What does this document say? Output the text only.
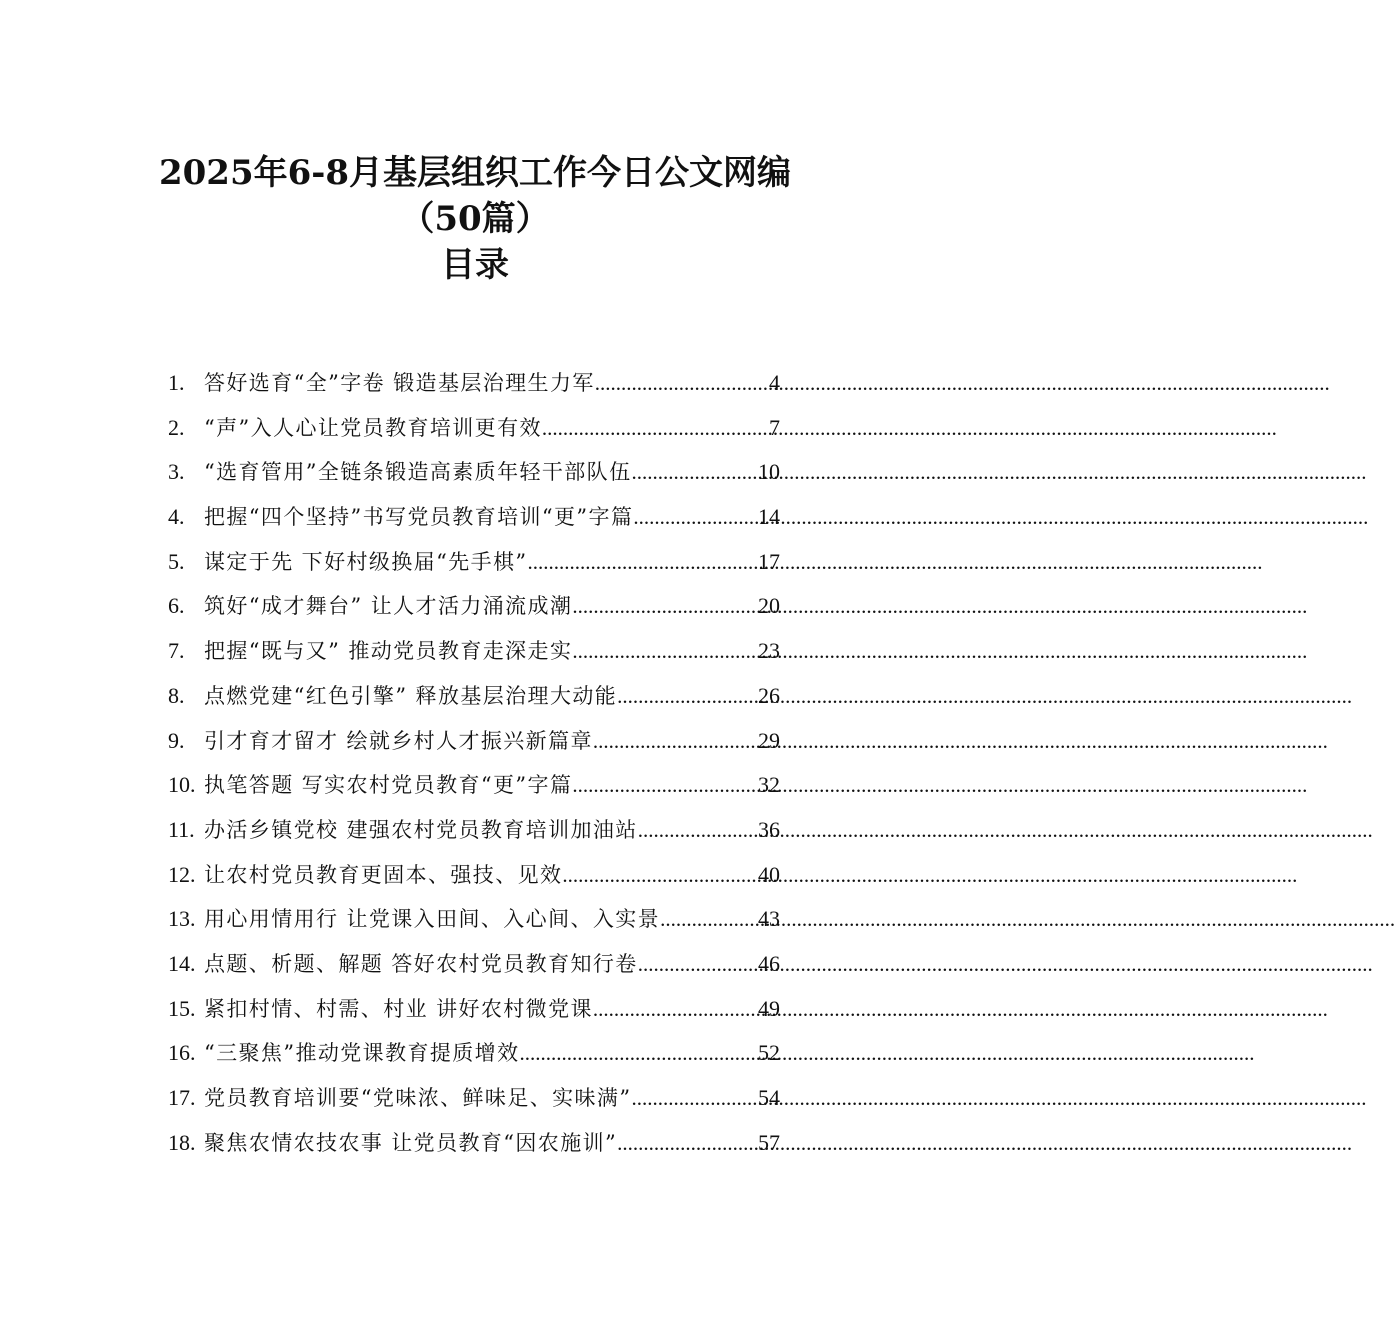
2025年6-8月基层组织工作今日公文网编
（50篇）
目录
1. 答好选育“全”字卷 锻造基层治理生力军 .....	4
2. “声”入人心让党员教育培训更有效 .....	7
3. “选育管用”全链条锻造高素质年轻干部队伍 .....	10
4. 把握“四个坚持”书写党员教育培训“更”字篇 .....	14
5. 谋定于先 下好村级换届“先手棋” .....	17
6. 筑好“成才舞台” 让人才活力涌流成潮 .....	20
7. 把握“既与又” 推动党员教育走深走实 .....	23
8. 点燃党建“红色引擎” 释放基层治理大动能 .....	26
9. 引才育才留才 绘就乡村人才振兴新篇章 .....	29
10. 执笔答题 写实农村党员教育“更”字篇 .....	32
11. 办活乡镇党校 建强农村党员教育培训加油站 .....	36
12. 让农村党员教育更固本、强技、见效 .....	40
13. 用心用情用行 让党课入田间、入心间、入实景 .....	43
14. 点题、析题、解题 答好农村党员教育知行卷 .....	46
15. 紧扣村情、村需、村业 讲好农村微党课 .....	49
16. “三聚焦”推动党课教育提质增效 .....	52
17. 党员教育培训要“党味浓、鲜味足、实味满” .....	54
18. 聚焦农情农技农事 让党员教育“因农施训” .....	57
